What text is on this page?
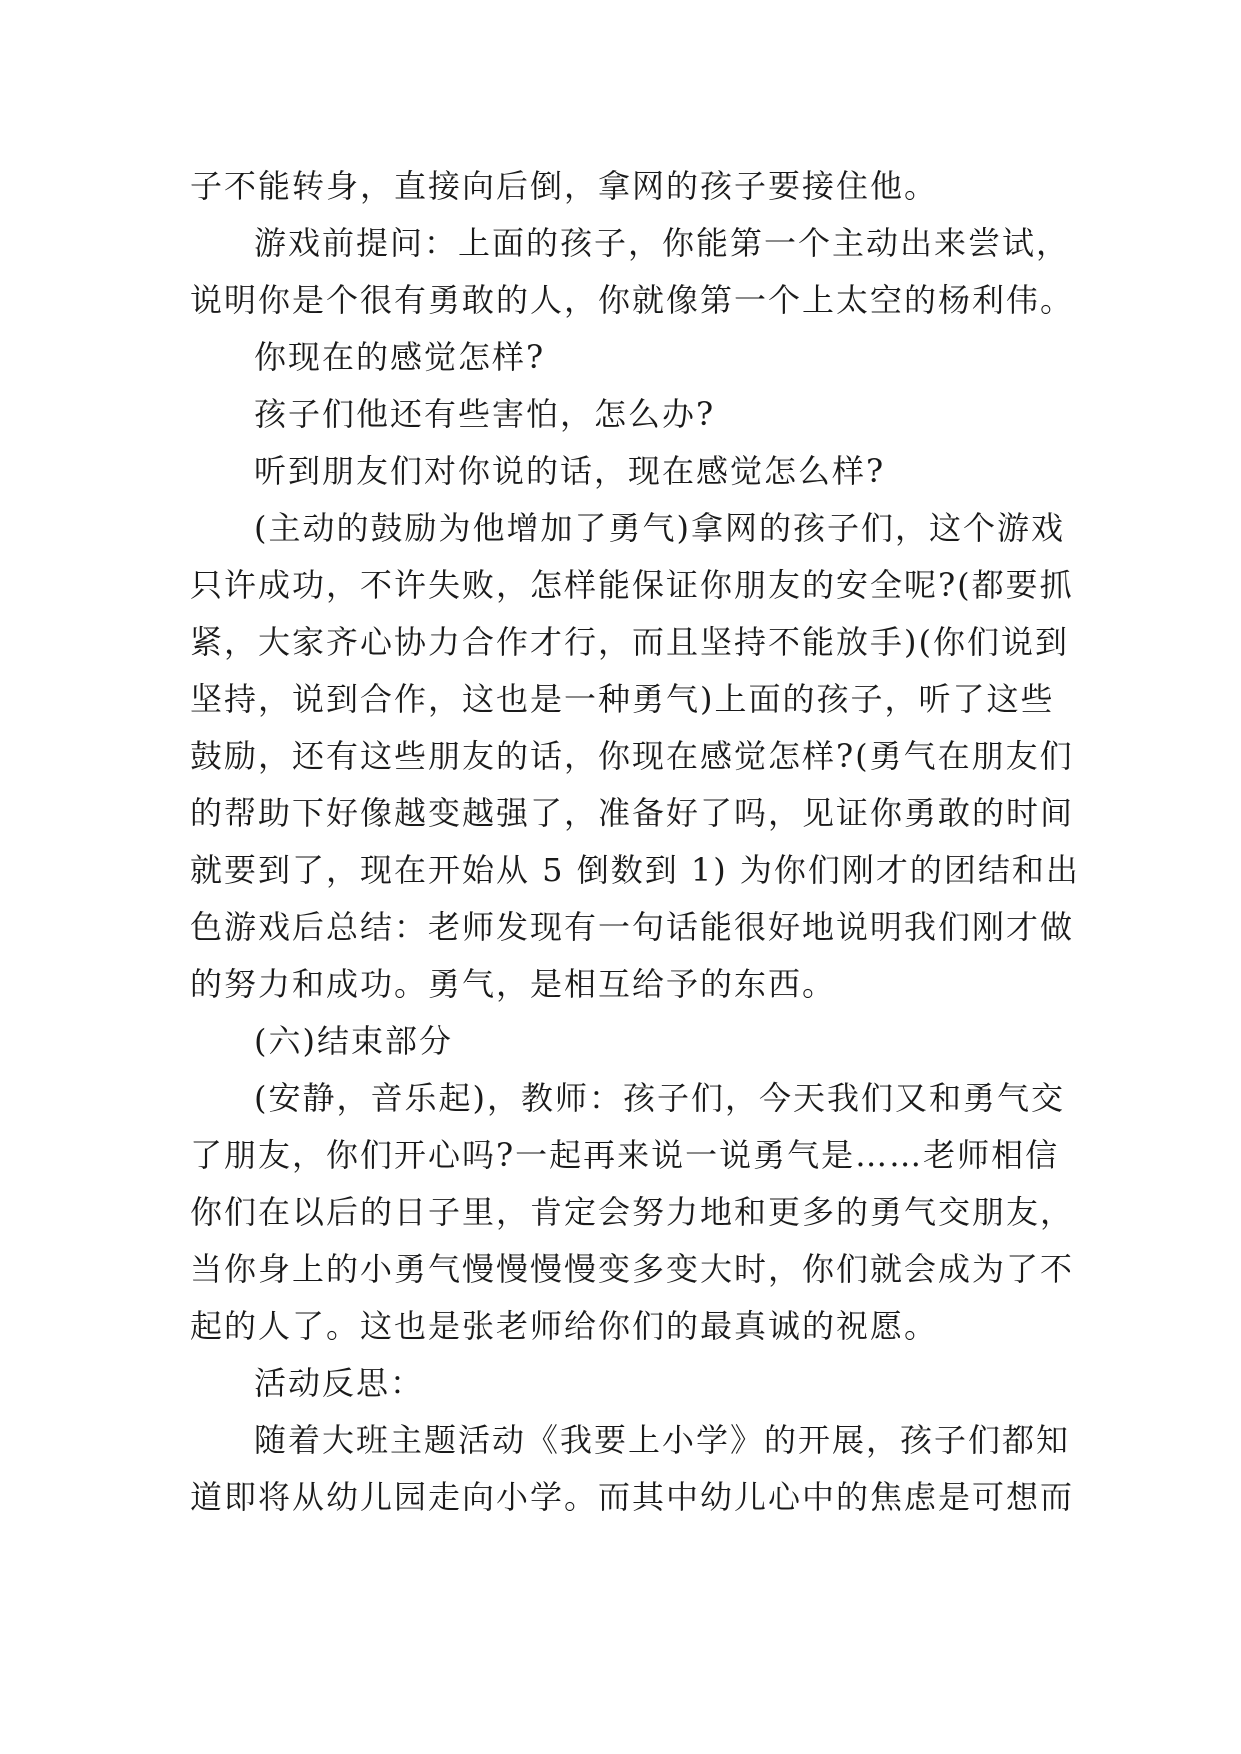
子不能转身，直接向后倒，拿网的孩子要接住他。
游戏前提问：上面的孩子，你能第一个主动出来尝试，
说明你是个很有勇敢的人，你就像第一个上太空的杨利伟。
你现在的感觉怎样?
孩子们他还有些害怕，怎么办?
听到朋友们对你说的话，现在感觉怎么样?
(主动的鼓励为他增加了勇气)拿网的孩子们，这个游戏
只许成功，不许失败，怎样能保证你朋友的安全呢?(都要抓
紧，大家齐心协力合作才行，而且坚持不能放手)(你们说到
坚持，说到合作，这也是一种勇气)上面的孩子，听了这些
鼓励，还有这些朋友的话，你现在感觉怎样?(勇气在朋友们
的帮助下好像越变越强了，准备好了吗，见证你勇敢的时间
就要到了，现在开始从 5 倒数到 1) 为你们刚才的团结和出
色游戏后总结：老师发现有一句话能很好地说明我们刚才做
的努力和成功。勇气，是相互给予的东西。
(六)结束部分
(安静，音乐起)，教师：孩子们，今天我们又和勇气交
了朋友，你们开心吗?一起再来说一说勇气是……老师相信
你们在以后的日子里，肯定会努力地和更多的勇气交朋友，
当你身上的小勇气慢慢慢慢变多变大时，你们就会成为了不
起的人了。这也是张老师给你们的最真诚的祝愿。
活动反思：
随着大班主题活动《我要上小学》的开展，孩子们都知
道即将从幼儿园走向小学。而其中幼儿心中的焦虑是可想而
